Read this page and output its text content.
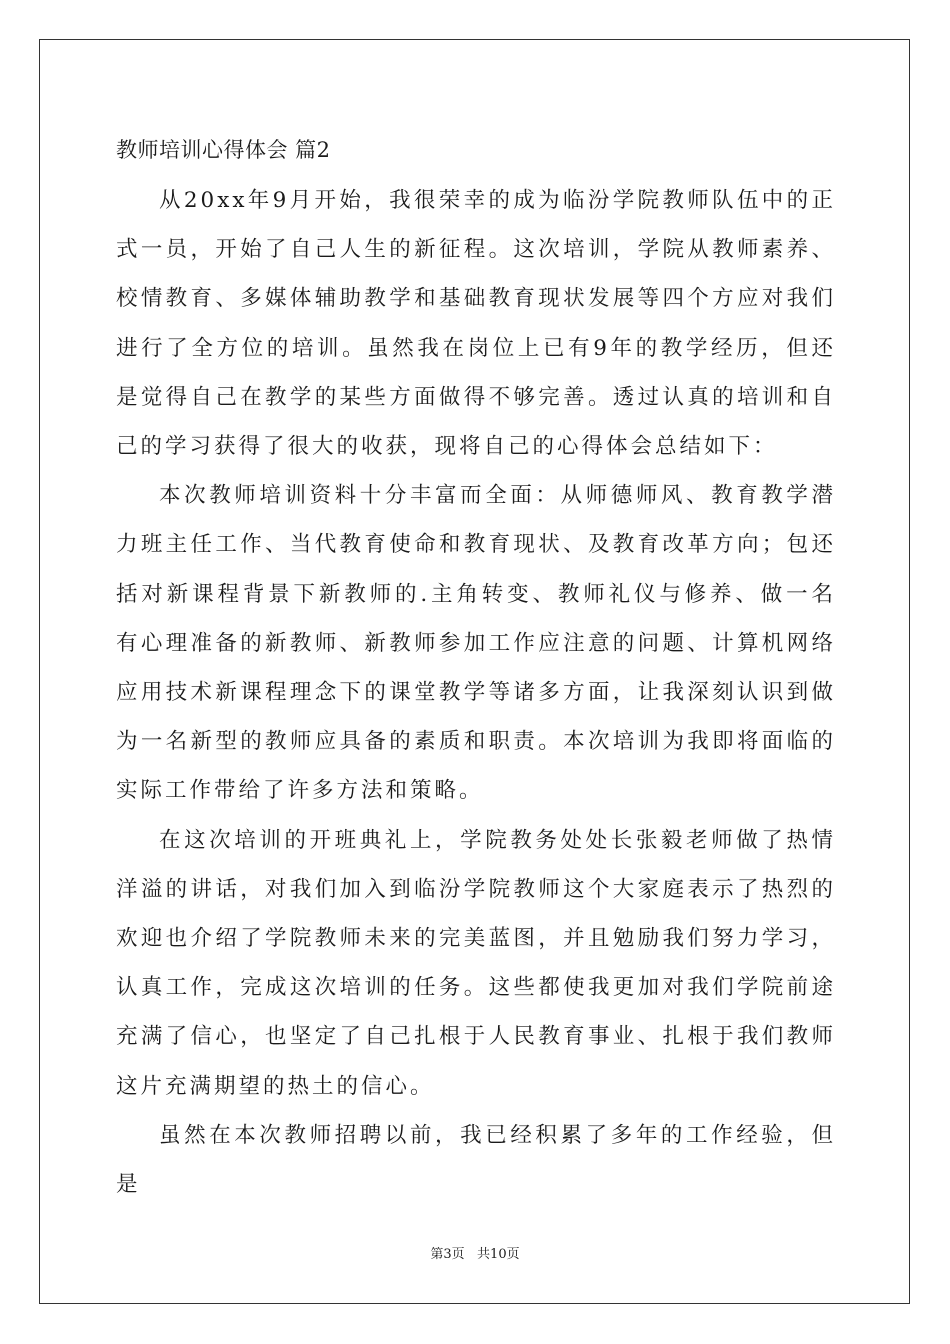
教师培训心得体会 篇2

从20xx年9月开始，我很荣幸的成为临汾学院教师队伍中的正式一员，开始了自己人生的新征程。这次培训，学院从教师素养、校情教育、多媒体辅助教学和基础教育现状发展等四个方应对我们进行了全方位的培训。虽然我在岗位上已有9年的教学经历，但还是觉得自己在教学的某些方面做得不够完善。透过认真的培训和自己的学习获得了很大的收获，现将自己的心得体会总结如下：

本次教师培训资料十分丰富而全面：从师德师风、教育教学潜力班主任工作、当代教育使命和教育现状、及教育改革方向；包还括对新课程背景下新教师的.主角转变、教师礼仪与修养、做一名有心理准备的新教师、新教师参加工作应注意的问题、计算机网络应用技术新课程理念下的课堂教学等诸多方面，让我深刻认识到做为一名新型的教师应具备的素质和职责。本次培训为我即将面临的实际工作带给了许多方法和策略。

在这次培训的开班典礼上，学院教务处处长张毅老师做了热情洋溢的讲话，对我们加入到临汾学院教师这个大家庭表示了热烈的欢迎也介绍了学院教师未来的完美蓝图，并且勉励我们努力学习，认真工作，完成这次培训的任务。这些都使我更加对我们学院前途充满了信心，也坚定了自己扎根于人民教育事业、扎根于我们教师这片充满期望的热土的信心。

虽然在本次教师招聘以前，我已经积累了多年的工作经验，但是

第3页   共10页
